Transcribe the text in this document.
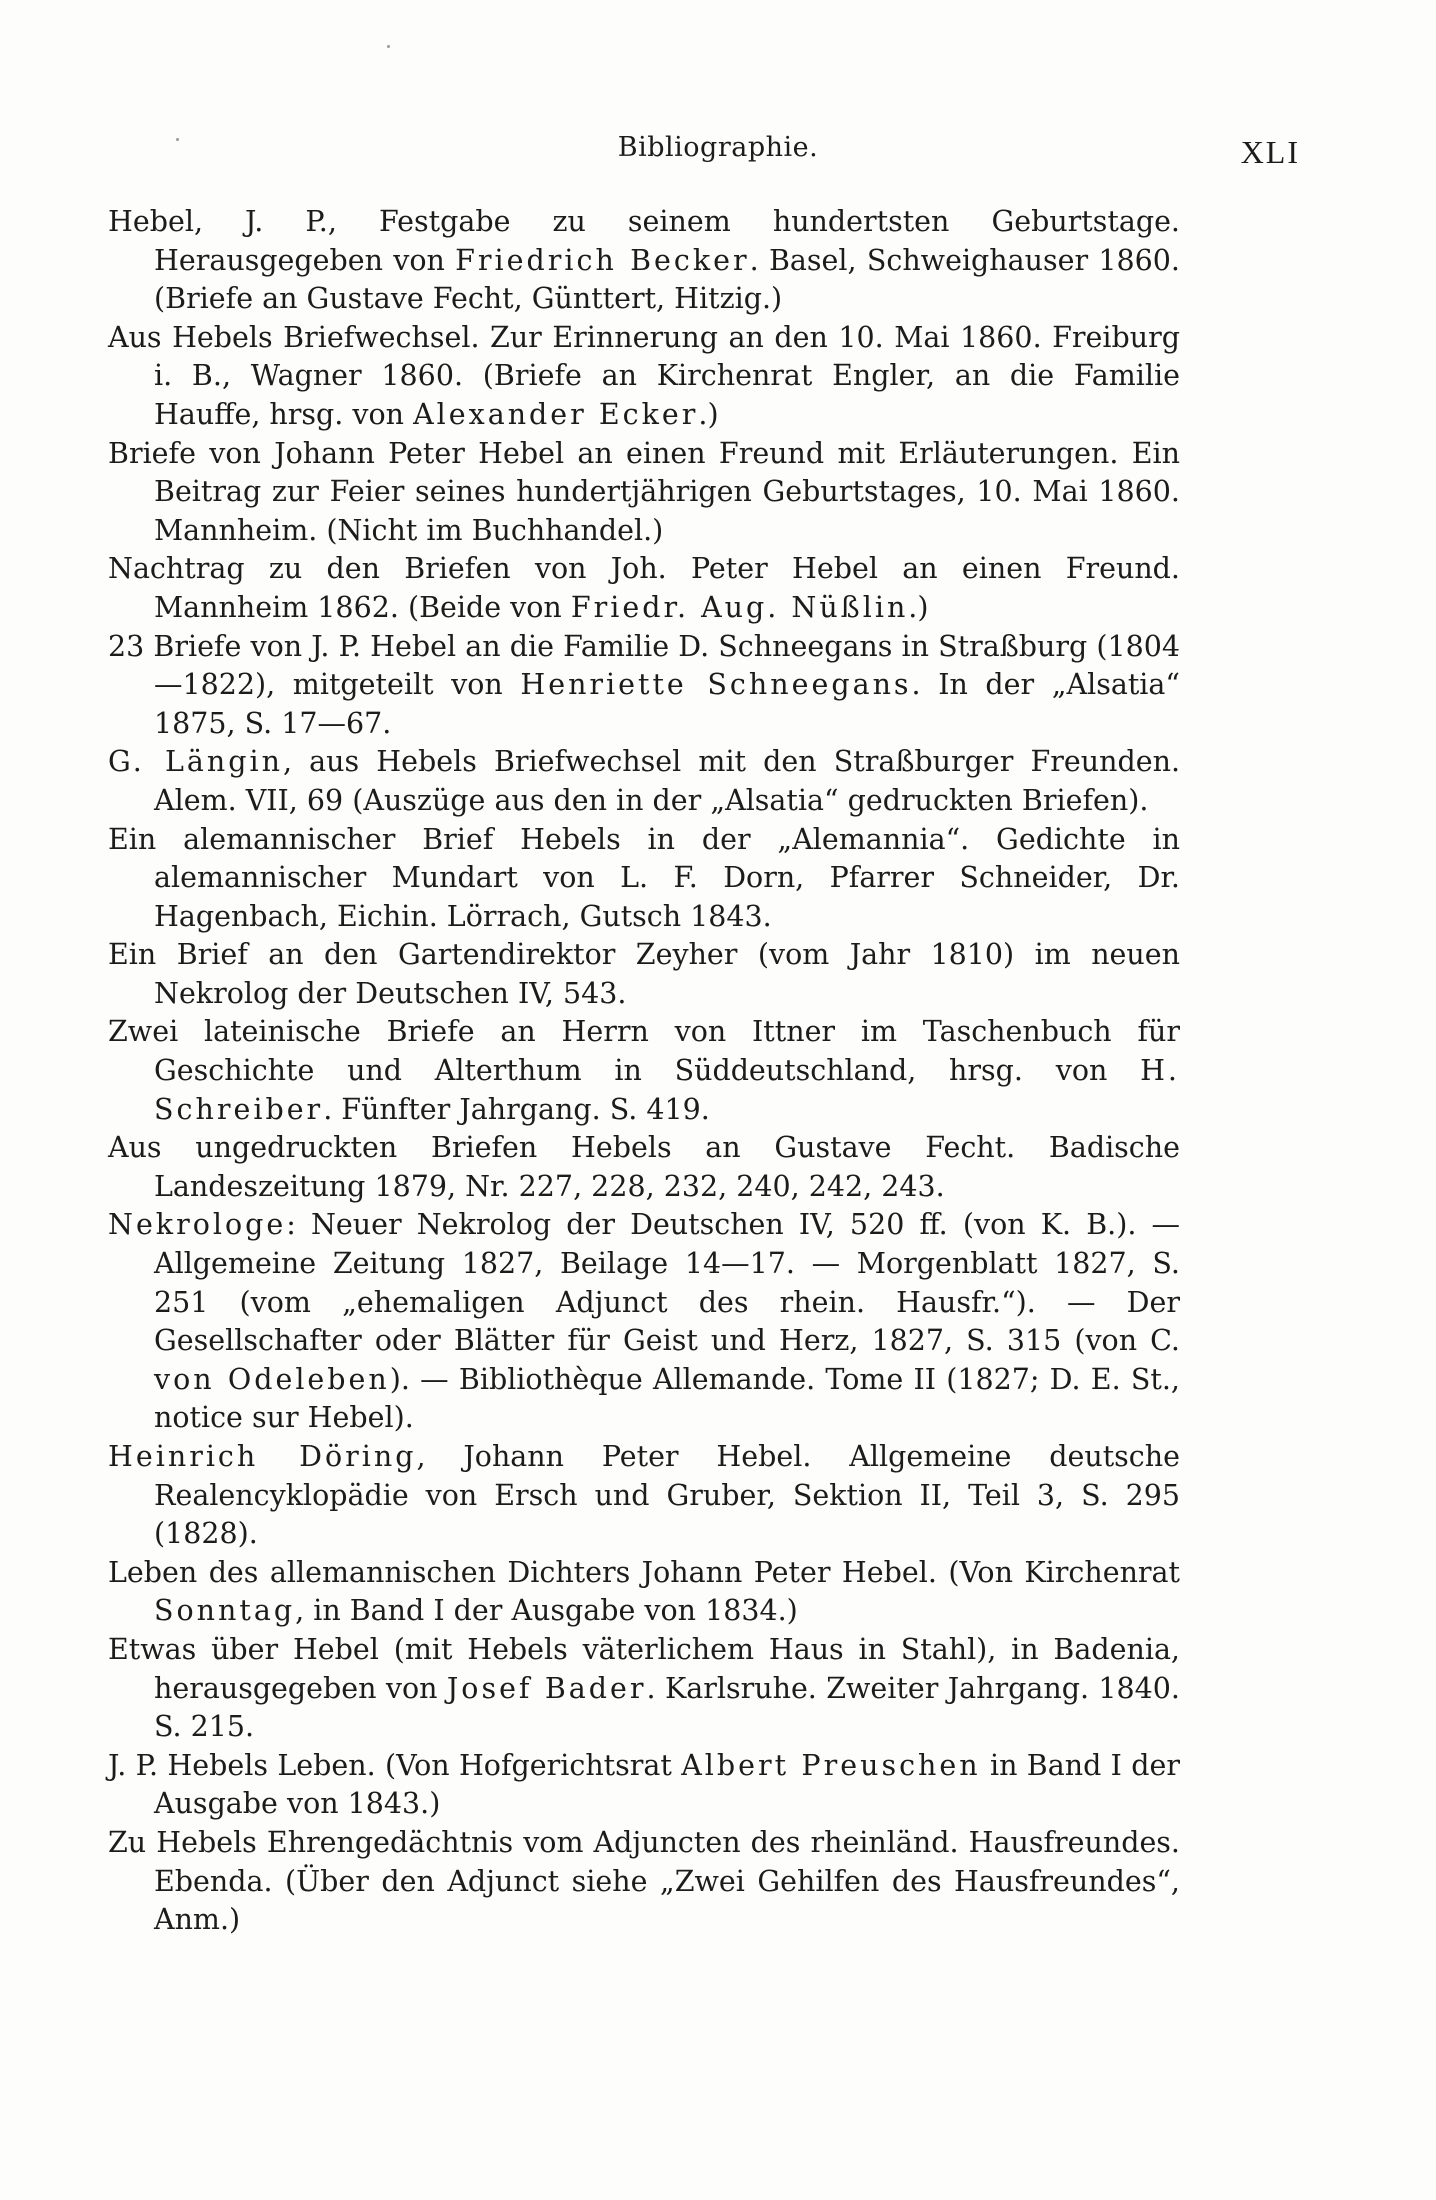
Bibliographie.	XLI

Hebel, J. P., Festgabe zu seinem hundertsten Geburtstage. Herausgegeben von Friedrich Becker. Basel, Schweighauser 1860. (Briefe an Gustave Fecht, Günttert, Hitzig.)

Aus Hebels Briefwechsel. Zur Erinnerung an den 10. Mai 1860. Freiburg i. B., Wagner 1860. (Briefe an Kirchenrat Engler, an die Familie Hauffe, hrsg. von Alexander Ecker.)

Briefe von Johann Peter Hebel an einen Freund mit Erläuterungen. Ein Beitrag zur Feier seines hundertjährigen Geburtstages, 10. Mai 1860. Mannheim. (Nicht im Buchhandel.)

Nachtrag zu den Briefen von Joh. Peter Hebel an einen Freund. Mannheim 1862. (Beide von Friedr. Aug. Nüßlin.)

23 Briefe von J. P. Hebel an die Familie D. Schneegans in Straßburg (1804—1822), mitgeteilt von Henriette Schneegans. In der „Alsatia“ 1875, S. 17—67.

G. Längin, aus Hebels Briefwechsel mit den Straßburger Freunden. Alem. VII, 69 (Auszüge aus den in der „Alsatia“ gedruckten Briefen).

Ein alemannischer Brief Hebels in der „Alemannia“. Gedichte in alemannischer Mundart von L. F. Dorn, Pfarrer Schneider, Dr. Hagenbach, Eichin. Lörrach, Gutsch 1843.

Ein Brief an den Gartendirektor Zeyher (vom Jahr 1810) im neuen Nekrolog der Deutschen IV, 543.

Zwei lateinische Briefe an Herrn von Ittner im Taschenbuch für Geschichte und Alterthum in Süddeutschland, hrsg. von H. Schreiber. Fünfter Jahrgang. S. 419.

Aus ungedruckten Briefen Hebels an Gustave Fecht. Badische Landeszeitung 1879, Nr. 227, 228, 232, 240, 242, 243.

Nekrologe: Neuer Nekrolog der Deutschen IV, 520 ff. (von K. B.). — Allgemeine Zeitung 1827, Beilage 14—17. — Morgenblatt 1827, S. 251 (vom „ehemaligen Adjunct des rhein. Hausfr.“). — Der Gesellschafter oder Blätter für Geist und Herz, 1827, S. 315 (von C. von Odeleben). — Bibliothèque Allemande. Tome II (1827; D. E. St., notice sur Hebel).

Heinrich Döring, Johann Peter Hebel. Allgemeine deutsche Realencyklopädie von Ersch und Gruber, Sektion II, Teil 3, S. 295 (1828).

Leben des allemannischen Dichters Johann Peter Hebel. (Von Kirchenrat Sonntag, in Band I der Ausgabe von 1834.)

Etwas über Hebel (mit Hebels väterlichem Haus in Stahl), in Badenia, herausgegeben von Josef Bader. Karlsruhe. Zweiter Jahrgang. 1840. S. 215.

J. P. Hebels Leben. (Von Hofgerichtsrat Albert Preuschen in Band I der Ausgabe von 1843.)

Zu Hebels Ehrengedächtnis vom Adjuncten des rheinländ. Hausfreundes. Ebenda. (Über den Adjunct siehe „Zwei Gehilfen des Hausfreundes“, Anm.)
